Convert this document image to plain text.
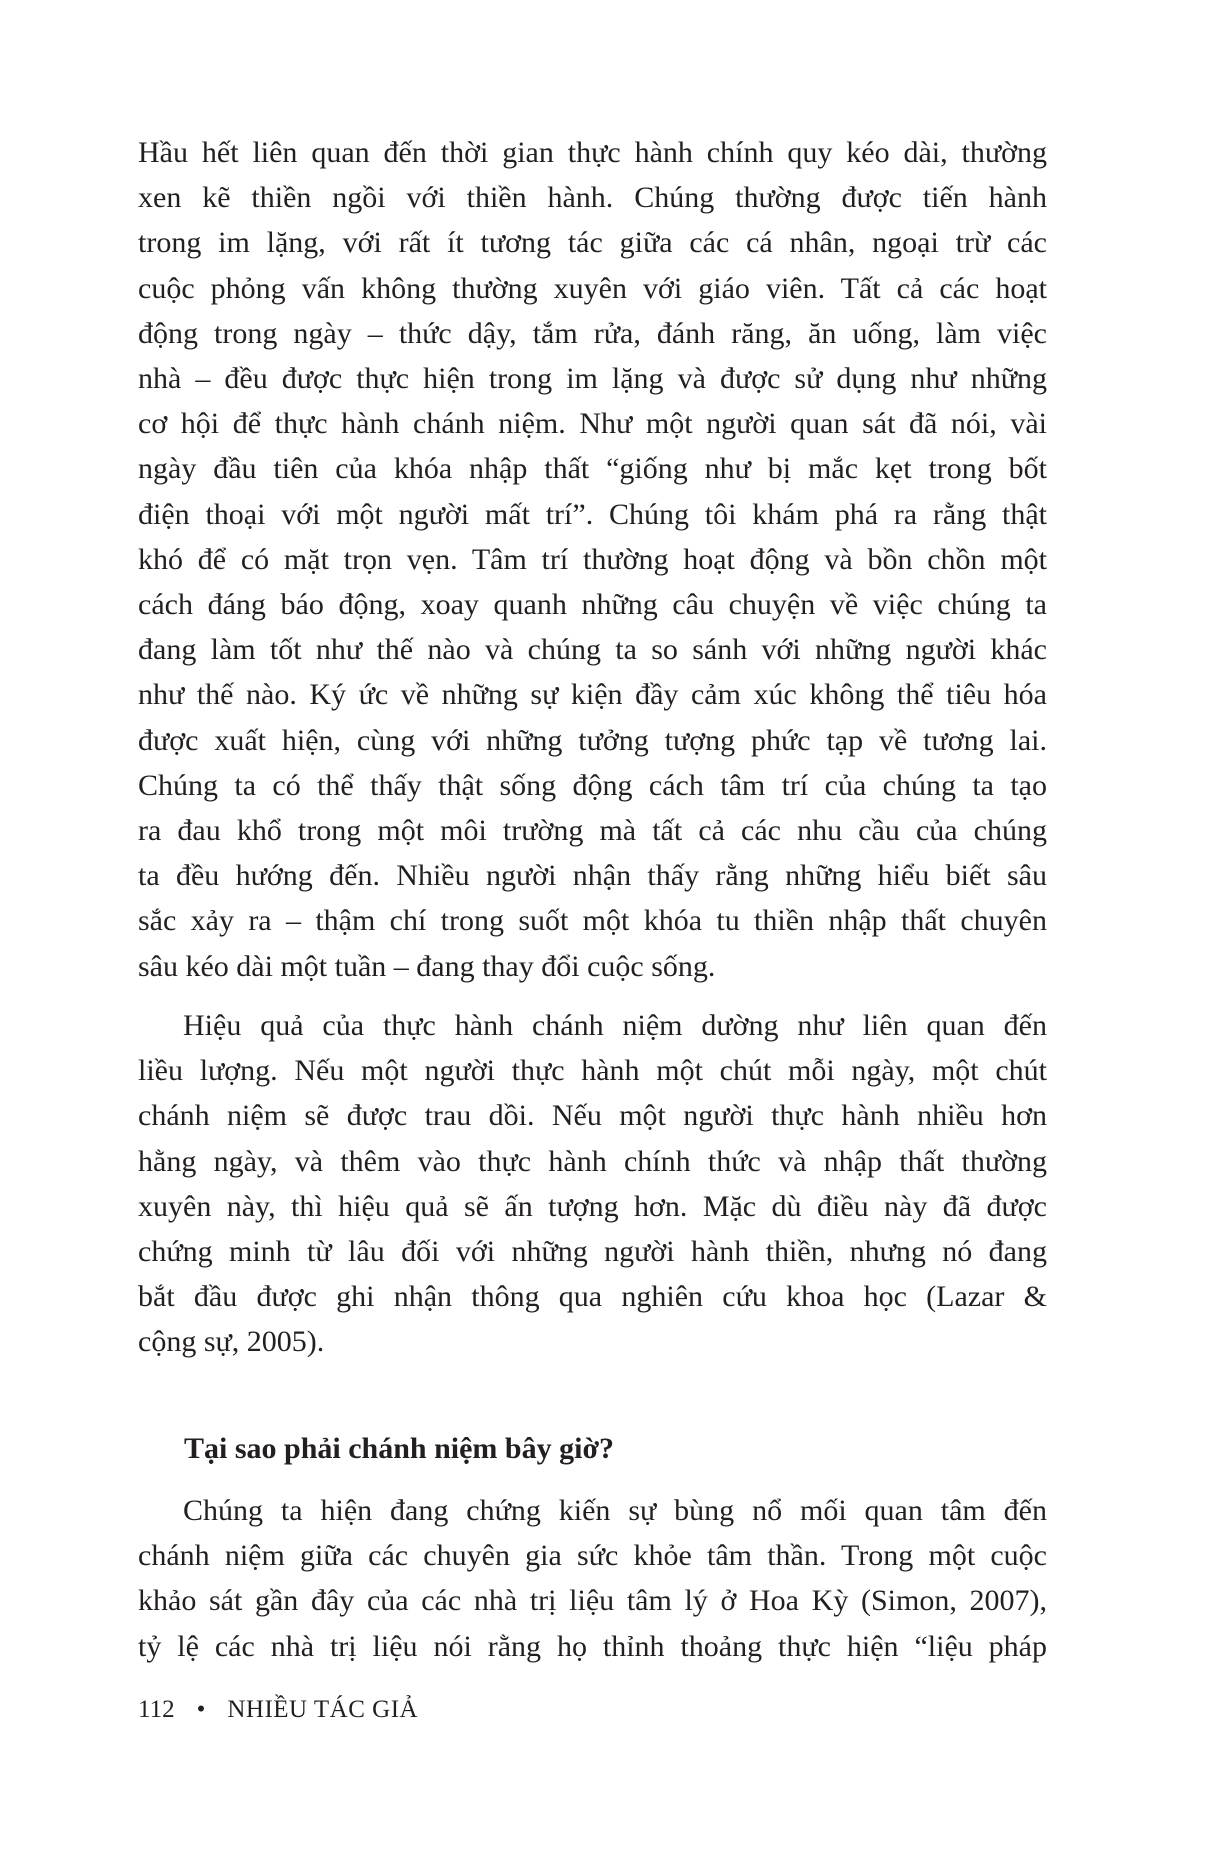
Hầu hết liên quan đến thời gian thực hành chính quy kéo dài, thường
xen kẽ thiền ngồi với thiền hành. Chúng thường được tiến hành
trong im lặng, với rất ít tương tác giữa các cá nhân, ngoại trừ các
cuộc phỏng vấn không thường xuyên với giáo viên. Tất cả các hoạt
động trong ngày – thức dậy, tắm rửa, đánh răng, ăn uống, làm việc
nhà – đều được thực hiện trong im lặng và được sử dụng như những
cơ hội để thực hành chánh niệm. Như một người quan sát đã nói, vài
ngày đầu tiên của khóa nhập thất “giống như bị mắc kẹt trong bốt
điện thoại với một người mất trí”. Chúng tôi khám phá ra rằng thật
khó để có mặt trọn vẹn. Tâm trí thường hoạt động và bồn chồn một
cách đáng báo động, xoay quanh những câu chuyện về việc chúng ta
đang làm tốt như thế nào và chúng ta so sánh với những người khác
như thế nào. Ký ức về những sự kiện đầy cảm xúc không thể tiêu hóa
được xuất hiện, cùng với những tưởng tượng phức tạp về tương lai.
Chúng ta có thể thấy thật sống động cách tâm trí của chúng ta tạo
ra đau khổ trong một môi trường mà tất cả các nhu cầu của chúng
ta đều hướng đến. Nhiều người nhận thấy rằng những hiểu biết sâu
sắc xảy ra – thậm chí trong suốt một khóa tu thiền nhập thất chuyên
sâu kéo dài một tuần – đang thay đổi cuộc sống.
Hiệu quả của thực hành chánh niệm dường như liên quan đến
liều lượng. Nếu một người thực hành một chút mỗi ngày, một chút
chánh niệm sẽ được trau dồi. Nếu một người thực hành nhiều hơn
hằng ngày, và thêm vào thực hành chính thức và nhập thất thường
xuyên này, thì hiệu quả sẽ ấn tượng hơn. Mặc dù điều này đã được
chứng minh từ lâu đối với những người hành thiền, nhưng nó đang
bắt đầu được ghi nhận thông qua nghiên cứu khoa học (Lazar &
cộng sự, 2005).
Tại sao phải chánh niệm bây giờ?
Chúng ta hiện đang chứng kiến sự bùng nổ mối quan tâm đến
chánh niệm giữa các chuyên gia sức khỏe tâm thần. Trong một cuộc
khảo sát gần đây của các nhà trị liệu tâm lý ở Hoa Kỳ (Simon, 2007),
tỷ lệ các nhà trị liệu nói rằng họ thỉnh thoảng thực hiện “liệu pháp
112 • NHIỀU TÁC GIẢ
